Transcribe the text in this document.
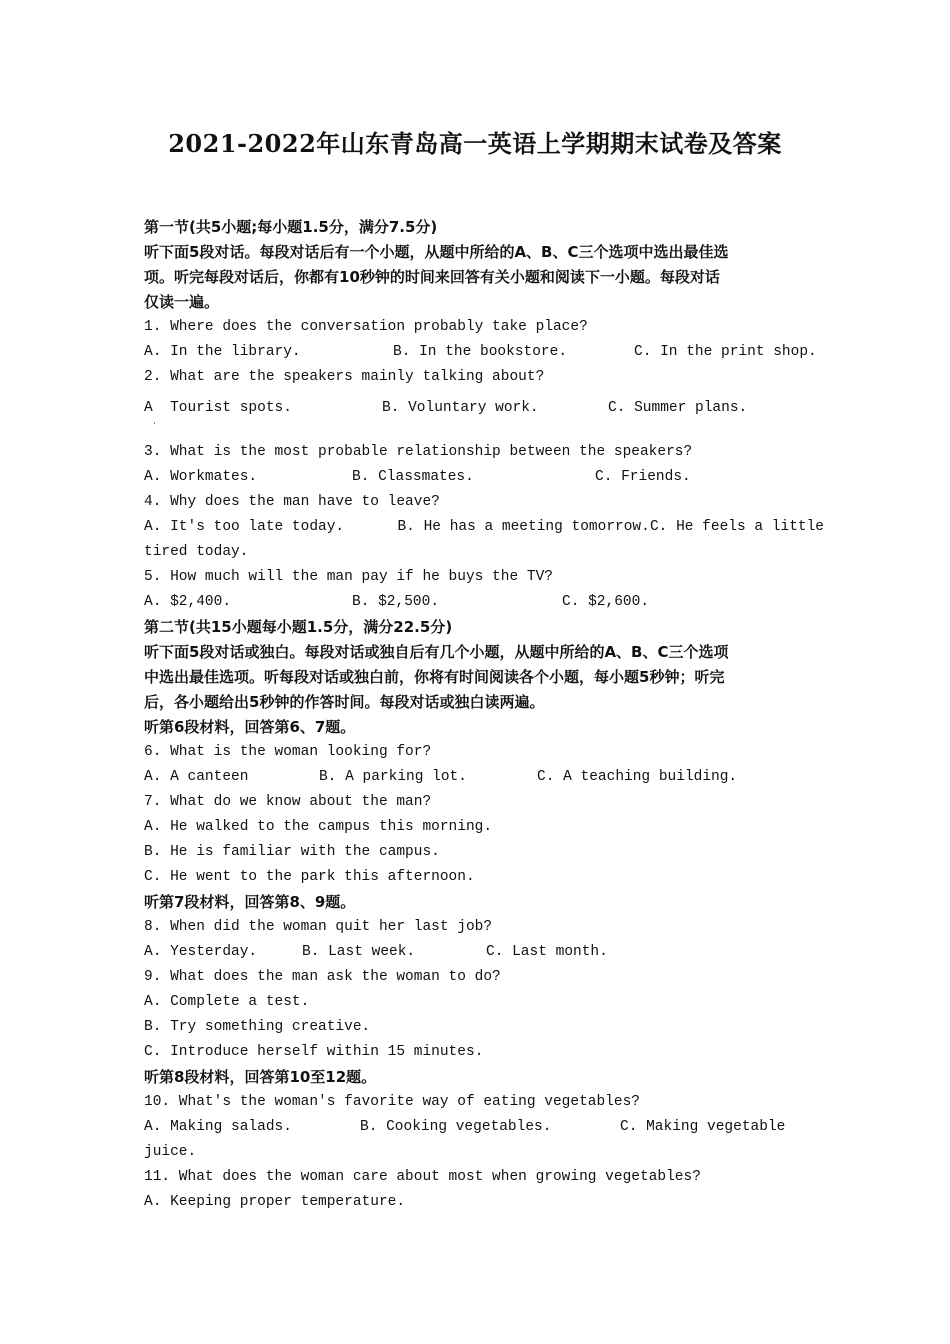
2021-2022年山东青岛高一英语上学期期末试卷及答案
第一节(共5小题;每小题1.5分，满分7.5分)
听下面5段对话。每段对话后有一个小题，从题中所给的A、B、C三个选项中选出最佳选
项。听完每段对话后，你都有10秒钟的时间来回答有关小题和阅读下一小题。每段对话
仅读一遍。
1. Where does the conversation probably take place?
A. In the library.	B. In the bookstore.	C. In the print shop.
2. What are the speakers mainly talking about?
A  Tourist spots.	B. Voluntary work.	C. Summer plans.
3. What is the most probable relationship between the speakers?
A. Workmates.	B. Classmates.	C. Friends.
4. Why does the man have to leave?
A. It's too late today.	B. He has a meeting tomorrow. C. He feels a little
tired today.
5. How much will the man pay if he buys the TV?
A. $2,400.	B. $2,500.	C. $2,600.
第二节(共15小题每小题1.5分，满分22.5分)
听下面5段对话或独白。每段对话或独自后有几个小题，从题中所给的A、B、C三个选项
中选出最佳选项。听每段对话或独白前，你将有时间阅读各个小题，每小题5秒钟；听完
后，各小题给出5秒钟的作答时间。每段对话或独白读两遍。
听第6段材料，回答第6、7题。
6. What is the woman looking for?
A. A canteen	B. A parking lot.	C. A teaching building.
7. What do we know about the man?
A. He walked to the campus this morning.
B. He is familiar with the campus.
C. He went to the park this afternoon.
听第7段材料，回答第8、9题。
8. When did the woman quit her last job?
A. Yesterday.	B. Last week.	C. Last month.
9. What does the man ask the woman to do?
A. Complete a test.
B. Try something creative.
C. Introduce herself within 15 minutes.
听第8段材料，回答第10至12题。
10. What's the woman's favorite way of eating vegetables?
A. Making salads.	B. Cooking vegetables.	C. Making vegetable
juice.
11. What does the woman care about most when growing vegetables?
A. Keeping proper temperature.
